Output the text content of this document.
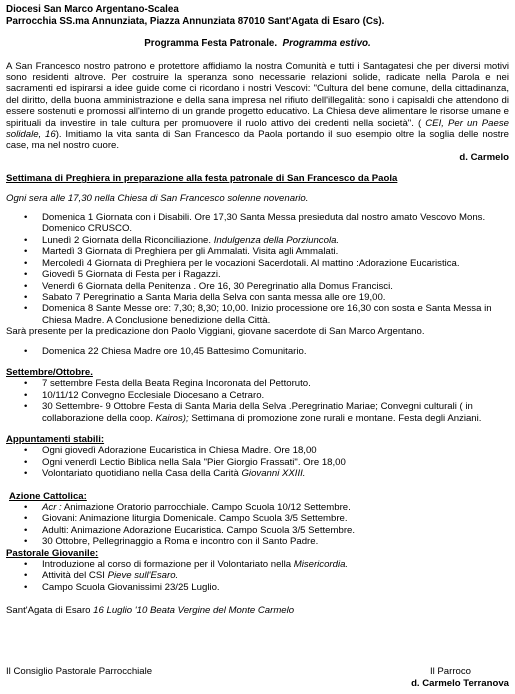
Diocesi San Marco Argentano-Scalea
Parrocchia SS.ma Annunziata, Piazza Annunziata 87010 Sant'Agata di Esaro (Cs).
Programma Festa Patronale. Programma estivo.
A San Francesco nostro patrono e protettore affidiamo la nostra Comunità e tutti i Santagatesi che per diversi motivi sono residenti altrove. Per costruire la speranza sono necessarie relazioni solide, radicate nella Parola e nei sacramenti ed ispirarsi a idee guide come ci ricordano i nostri Vescovi: "Cultura del bene comune, della cittadinanza, del diritto, della buona amministrazione e della sana impresa nel rifiuto dell'illegalità: sono i capisaldi che attendono di essere sostenuti e promossi all'interno di un grande progetto educativo. La Chiesa deve alimentare le risorse umane e spirituali da investire in tale cultura per promuovere il ruolo attivo dei credenti nella società". ( CEI, Per un Paese solidale, 16). Imitiamo la vita santa di San Francesco da Paola portando il suo esempio oltre la soglia delle nostre case, ma nel nostro cuore.
d. Carmelo
Settimana di Preghiera in preparazione alla festa patronale di San Francesco da Paola
Ogni sera alle 17,30 nella Chiesa di San Francesco solenne novenario.
• Domenica 1 Giornata con i Disabili. Ore 17,30 Santa Messa presieduta dal nostro amato Vescovo Mons. Domenico CRUSCO.
• Lunedì 2 Giornata della Riconciliazione. Indulgenza della Porziuncola.
• Martedì 3 Giornata di Preghiera per gli Ammalati. Visita agli Ammalati.
• Mercoledì 4 Giornata di Preghiera per le vocazioni Sacerdotali. Al mattino :Adorazione Eucaristica.
• Giovedì 5 Giornata di Festa per i Ragazzi.
• Venerdì 6 Giornata della Penitenza . Ore 16, 30 Peregrinatio alla Domus Francisci.
• Sabato 7 Peregrinatio a Santa Maria della Selva con santa messa alle ore 19,00.
• Domenica 8 Sante Messe ore: 7,30; 8,30; 10,00. Inizio processione ore 16,30 con sosta e Santa Messa in Chiesa Madre. A Conclusione benedizione della Città.
Sarà presente per la predicazione don Paolo Viggiani, giovane sacerdote di San Marco Argentano.
• Domenica 22 Chiesa Madre ore 10,45 Battesimo Comunitario.
Settembre/Ottobre.
• 7 settembre Festa della Beata Regina Incoronata del Pettoruto.
• 10/11/12 Convegno Ecclesiale Diocesano a Cetraro.
• 30 Settembre- 9 Ottobre Festa di Santa Maria della Selva .Peregrinatio Mariae; Convegni culturali ( in collaborazione della coop. Kairos); Settimana di promozione zone rurali e montane. Festa degli Anziani.
Appuntamenti stabili:
• Ogni giovedì Adorazione Eucaristica in Chiesa Madre. Ore 18,00
• Ogni venerdì Lectio Biblica nella Sala "Pier Giorgio Frassati". Ore 18,00
• Volontariato quotidiano nella Casa della Carità Giovanni XXIII.
Azione Cattolica:
• Acr : Animazione Oratorio parrocchiale. Campo Scuola 10/12 Settembre.
• Giovani: Animazione liturgia Domenicale. Campo Scuola 3/5 Settembre.
• Adulti: Animazione Adorazione Eucaristica. Campo Scuola 3/5 Settembre.
• 30 Ottobre, Pellegrinaggio a Roma e incontro con il Santo Padre.
Pastorale Giovanile:
• Introduzione al corso di formazione per il Volontariato nella Misericordia.
• Attività del CSI Pieve sull'Esaro.
• Campo Scuola Giovanissimi 23/25 Luglio.
Sant'Agata di Esaro 16 Luglio '10 Beata Vergine del Monte Carmelo
Il Consiglio Pastorale Parrocchiale	Il Parroco
d. Carmelo Terranova
